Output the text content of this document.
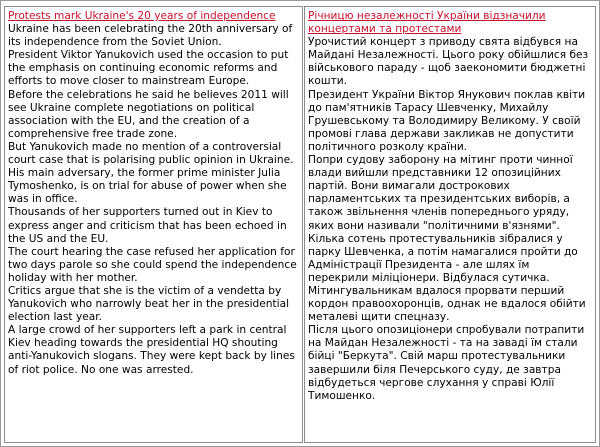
Protests mark Ukraine's 20 years of independence

Ukraine has been celebrating the 20th anniversary of its independence from the Soviet Union.

President Viktor Yanukovich used the occasion to put the emphasis on continuing economic reforms and efforts to move closer to mainstream Europe.

Before the celebrations he said he believes 2011 will see Ukraine complete negotiations on political association with the EU, and the creation of a comprehensive free trade zone.

But Yanukovich made no mention of a controversial court case that is polarising public opinion in Ukraine. His main adversary, the former prime minister Julia Tymoshenko, is on trial for abuse of power when she was in office.

Thousands of her supporters turned out in Kiev to express anger and criticism that has been echoed in the US and the EU.

The court hearing the case refused her application for two days parole so she could spend the independence holiday with her mother.

Critics argue that she is the victim of a vendetta by Yanukovich who narrowly beat her in the presidential election last year.

A large crowd of her supporters left a park in central Kiev heading towards the presidential HQ shouting anti-Yanukovich slogans. They were kept back by lines of riot police. No one was arrested.

Річницю незалежності України відзначили концертами та протестами

Урочистий концерт з приводу свята відбувся на Майдані Незалежності. Цього року обійшлися без військового параду - щоб заекономити бюджетні кошти.

Президент України Віктор Янукович поклав квіти до пам'ятників Тарасу Шевченку, Михайлу Грушевському та Володимиру Великому. У своїй промові глава держави закликав не допустити політичного розколу країни.

Попри судову заборону на мітинг проти чинної влади вийшли представники 12 опозиційних партій. Вони вимагали дострокових парламентських та президентських виборів, а також звільнення членів попереднього уряду, яких вони називали "політичними в'язнями".

Кілька сотень протестувальників зібралися у парку Шевченка, а потім намагалися пройти до Адміністрації Президента - але шлях їм перекрили міліціонери. Відбулася сутичка. Мітингувальникам вдалося прорвати перший кордон правоохоронців, однак не вдалося обійти металеві щити спецназу.

Після цього опозиціонери спробували потрапити на Майдан Незалежності - та на заваді їм стали бійці "Беркута". Свій марш протестувальники завершили біля Печерського суду, де завтра відбудеться чергове слухання у справі Юлії Тимошенко.
